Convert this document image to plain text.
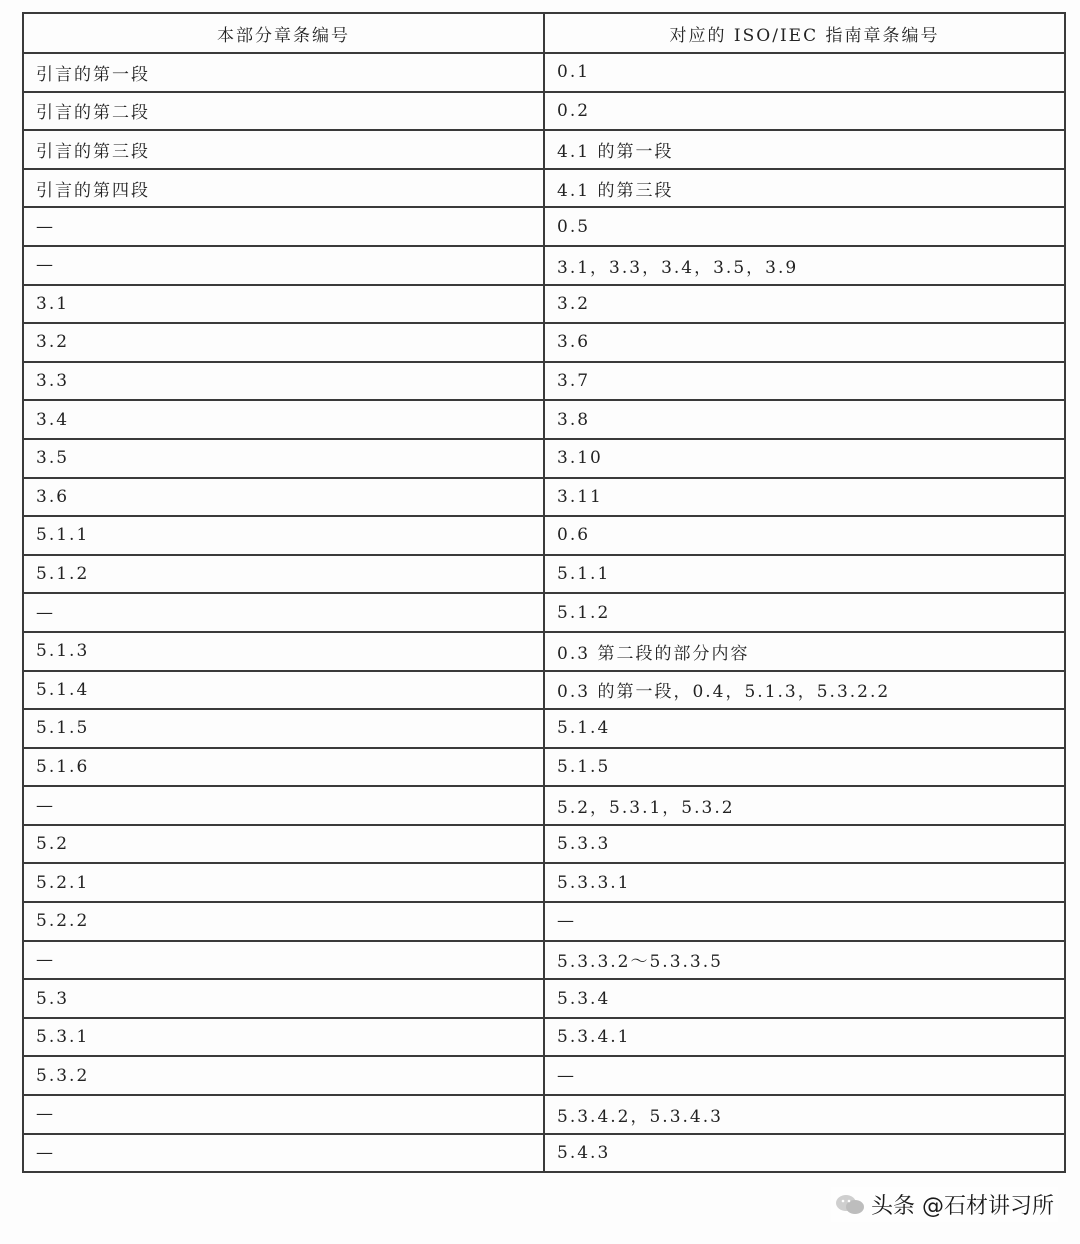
本部分章条编号	对应的 ISO/IEC 指南章条编号
引言的第一段	0.1
引言的第二段	0.2
引言的第三段	4.1 的第一段
引言的第四段	4.1 的第三段
—	0.5
—	3.1，3.3，3.4，3.5，3.9
3.1	3.2
3.2	3.6
3.3	3.7
3.4	3.8
3.5	3.10
3.6	3.11
5.1.1	0.6
5.1.2	5.1.1
—	5.1.2
5.1.3	0.3 第二段的部分内容
5.1.4	0.3 的第一段，0.4，5.1.3，5.3.2.2
5.1.5	5.1.4
5.1.6	5.1.5
—	5.2，5.3.1，5.3.2
5.2	5.3.3
5.2.1	5.3.3.1
5.2.2	—
—	5.3.3.2～5.3.3.5
5.3	5.3.4
5.3.1	5.3.4.1
5.3.2	—
—	5.3.4.2，5.3.4.3
—	5.4.3
头条 @石材讲习所
